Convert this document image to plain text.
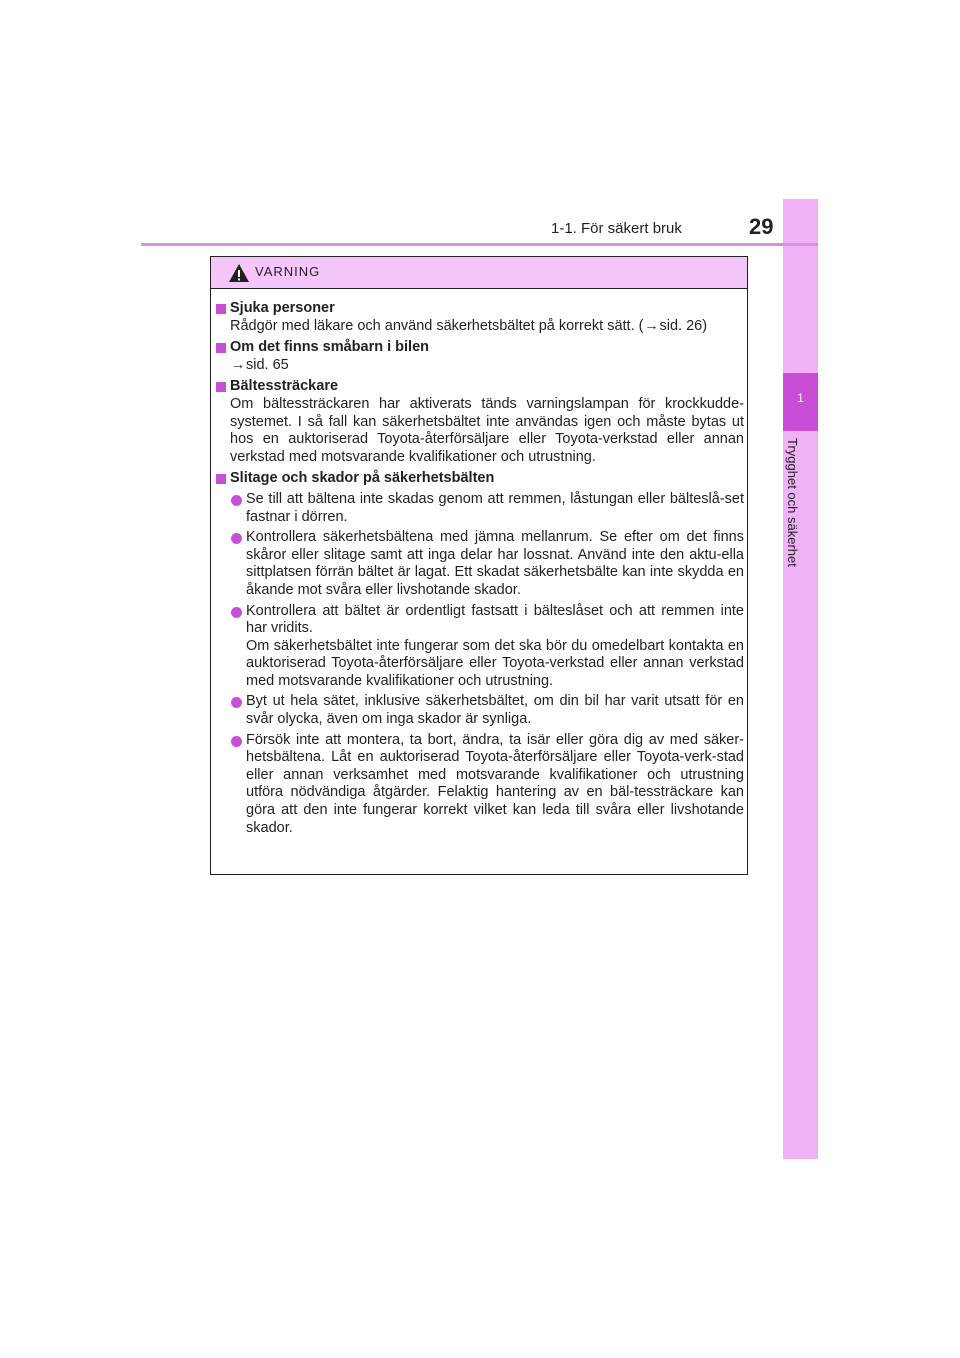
1
Trygghet och säkerhet
1-1. För säkert bruk	29
VARNING
Sjuka personer
Rådgör med läkare och använd säkerhetsbältet på korrekt sätt. (→sid. 26)
Om det finns småbarn i bilen
→sid. 65
Bältessträckare
Om bältessträckaren har aktiverats tänds varningslampan för krockkudde-systemet. I så fall kan säkerhetsbältet inte användas igen och måste bytas ut hos en auktoriserad Toyota-återförsäljare eller Toyota-verkstad eller annan verkstad med motsvarande kvalifikationer och utrustning.
Slitage och skador på säkerhetsbälten
Se till att bältena inte skadas genom att remmen, låstungan eller bälteslå-set fastnar i dörren.
Kontrollera säkerhetsbältena med jämna mellanrum. Se efter om det finns skåror eller slitage samt att inga delar har lossnat. Använd inte den aktu-ella sittplatsen förrän bältet är lagat. Ett skadat säkerhetsbälte kan inte skydda en åkande mot svåra eller livshotande skador.
Kontrollera att bältet är ordentligt fastsatt i bälteslåset och att remmen inte har vridits.
Om säkerhetsbältet inte fungerar som det ska bör du omedelbart kontakta en auktoriserad Toyota-återförsäljare eller Toyota-verkstad eller annan verkstad med motsvarande kvalifikationer och utrustning.
Byt ut hela sätet, inklusive säkerhetsbältet, om din bil har varit utsatt för en svår olycka, även om inga skador är synliga.
Försök inte att montera, ta bort, ändra, ta isär eller göra dig av med säker-hetsbältena. Låt en auktoriserad Toyota-återförsäljare eller Toyota-verk-stad eller annan verksamhet med motsvarande kvalifikationer och utrustning utföra nödvändiga åtgärder. Felaktig hantering av en bäl-tessträckare kan göra att den inte fungerar korrekt vilket kan leda till svåra eller livshotande skador.
